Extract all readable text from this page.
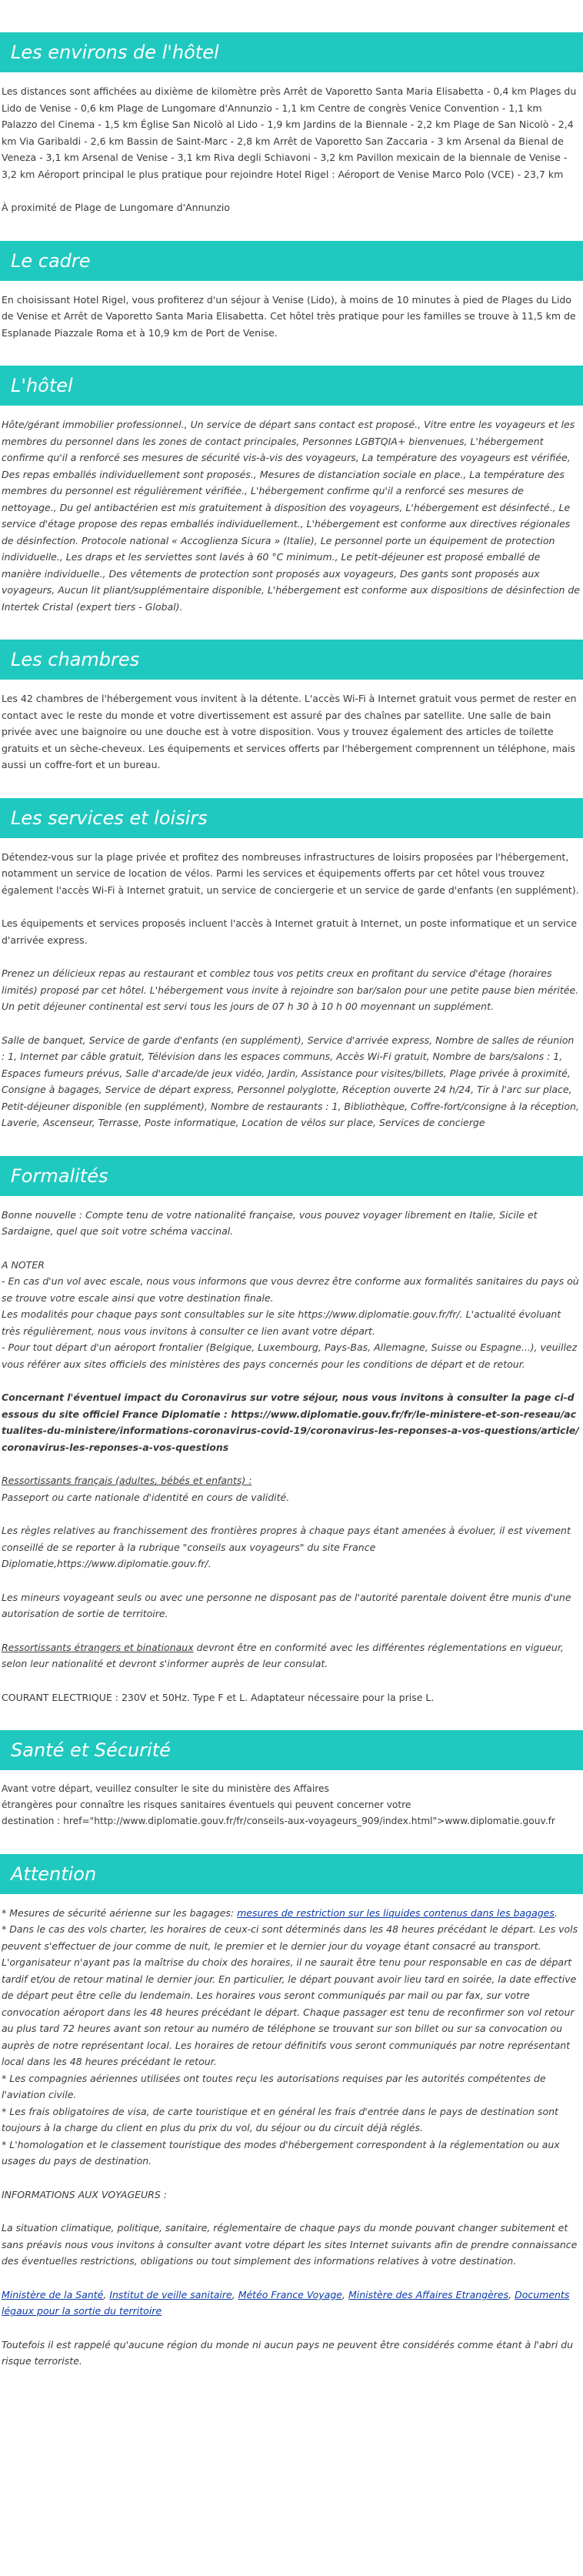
Les environs de l'hôtel

Les distances sont affichées au dixième de kilomètre près Arrêt de Vaporetto Santa Maria Elisabetta - 0,4 km Plages du Lido de Venise - 0,6 km Plage de Lungomare d'Annunzio - 1,1 km Centre de congrès Venice Convention - 1,1 km Palazzo del Cinema - 1,5 km Église San Nicolò al Lido - 1,9 km Jardins de la Biennale - 2,2 km Plage de San Nicolò - 2,4 km Via Garibaldi - 2,6 km Bassin de Saint-Marc - 2,8 km Arrêt de Vaporetto San Zaccaria - 3 km Arsenal da Bienal de Veneza - 3,1 km Arsenal de Venise - 3,1 km Riva degli Schiavoni - 3,2 km Pavillon mexicain de la biennale de Venise - 3,2 km Aéroport principal le plus pratique pour rejoindre Hotel Rigel : Aéroport de Venise Marco Polo (VCE) - 23,7 km

À proximité de Plage de Lungomare d'Annunzio

Le cadre

En choisissant Hotel Rigel, vous profiterez d'un séjour à Venise (Lido), à moins de 10 minutes à pied de Plages du Lido de Venise et Arrêt de Vaporetto Santa Maria Elisabetta. Cet hôtel très pratique pour les familles se trouve à 11,5 km de Esplanade Piazzale Roma et à 10,9 km de Port de Venise.

L'hôtel

Hôte/gérant immobilier professionnel., Un service de départ sans contact est proposé., Vitre entre les voyageurs et les membres du personnel dans les zones de contact principales, Personnes LGBTQIA+ bienvenues, L'hébergement confirme qu'il a renforcé ses mesures de sécurité vis-à-vis des voyageurs, La température des voyageurs est vérifiée, Des repas emballés individuellement sont proposés., Mesures de distanciation sociale en place., La température des membres du personnel est régulièrement vérifiée., L'hébergement confirme qu'il a renforcé ses mesures de nettoyage., Du gel antibactérien est mis gratuitement à disposition des voyageurs, L'hébergement est désinfecté., Le service d'étage propose des repas emballés individuellement., L'hébergement est conforme aux directives régionales de désinfection. Protocole national « Accoglienza Sicura » (Italie), Le personnel porte un équipement de protection individuelle., Les draps et les serviettes sont lavés à 60 °C minimum., Le petit-déjeuner est proposé emballé de manière individuelle., Des vêtements de protection sont proposés aux voyageurs, Des gants sont proposés aux voyageurs, Aucun lit pliant/supplémentaire disponible, L'hébergement est conforme aux dispositions de désinfection de Intertek Cristal (expert tiers - Global).

Les chambres

Les 42 chambres de l'hébergement vous invitent à la détente. L'accès Wi-Fi à Internet gratuit vous permet de rester en contact avec le reste du monde et votre divertissement est assuré par des chaînes par satellite. Une salle de bain privée avec une baignoire ou une douche est à votre disposition. Vous y trouvez également des articles de toilette gratuits et un sèche-cheveux. Les équipements et services offerts par l'hébergement comprennent un téléphone, mais aussi un coffre-fort et un bureau.

Les services et loisirs

Détendez-vous sur la plage privée et profitez des nombreuses infrastructures de loisirs proposées par l'hébergement, notamment un service de location de vélos. Parmi les services et équipements offerts par cet hôtel vous trouvez également l'accès Wi-Fi à Internet gratuit, un service de conciergerie et un service de garde d'enfants (en supplément).

Les équipements et services proposés incluent l'accès à Internet gratuit à Internet, un poste informatique et un service d'arrivée express.

Prenez un délicieux repas au restaurant et comblez tous vos petits creux en profitant du service d'étage (horaires limités) proposé par cet hôtel. L'hébergement vous invite à rejoindre son bar/salon pour une petite pause bien méritée. Un petit déjeuner continental est servi tous les jours de 07 h 30 à 10 h 00 moyennant un supplément.

Salle de banquet, Service de garde d'enfants (en supplément), Service d'arrivée express, Nombre de salles de réunion : 1, Internet par câble gratuit, Télévision dans les espaces communs, Accès Wi-Fi gratuit, Nombre de bars/salons : 1, Espaces fumeurs prévus, Salle d'arcade/de jeux vidéo, Jardin, Assistance pour visites/billets, Plage privée à proximité, Consigne à bagages, Service de départ express, Personnel polyglotte, Réception ouverte 24 h/24, Tir à l'arc sur place, Petit-déjeuner disponible (en supplément), Nombre de restaurants : 1, Bibliothèque, Coffre-fort/consigne à la réception, Laverie, Ascenseur, Terrasse, Poste informatique, Location de vélos sur place, Services de concierge

Formalités

Bonne nouvelle : Compte tenu de votre nationalité française, vous pouvez voyager librement en Italie, Sicile et Sardaigne, quel que soit votre schéma vaccinal.

A NOTER
- En cas d'un vol avec escale, nous vous informons que vous devrez être conforme aux formalités sanitaires du pays où se trouve votre escale ainsi que votre destination finale.
Les modalités pour chaque pays sont consultables sur le site https://www.diplomatie.gouv.fr/fr/. L'actualité évoluant très régulièrement, nous vous invitons à consulter ce lien avant votre départ.
- Pour tout départ d'un aéroport frontalier (Belgique, Luxembourg, Pays-Bas, Allemagne, Suisse ou Espagne...), veuillez vous référer aux sites officiels des ministères des pays concernés pour les conditions de départ et de retour.

Concernant l'éventuel impact du Coronavirus sur votre séjour, nous vous invitons à consulter la page ci-dessous du site officiel France Diplomatie : https://www.diplomatie.gouv.fr/fr/le-ministere-et-son-reseau/actualites-du-ministere/informations-coronavirus-covid-19/coronavirus-les-reponses-a-vos-questions/article/coronavirus-les-reponses-a-vos-questions

Ressortissants français (adultes, bébés et enfants) :
Passeport ou carte nationale d'identité en cours de validité.

Les règles relatives au franchissement des frontières propres à chaque pays étant amenées à évoluer, il est vivement conseillé de se reporter à la rubrique "conseils aux voyageurs" du site France Diplomatie,https://www.diplomatie.gouv.fr/.

Les mineurs voyageant seuls ou avec une personne ne disposant pas de l'autorité parentale doivent être munis d'une autorisation de sortie de territoire.

Ressortissants étrangers et binationaux devront être en conformité avec les différentes réglementations en vigueur, selon leur nationalité et devront s'informer auprès de leur consulat.

COURANT ELECTRIQUE : 230V et 50Hz. Type F et L. Adaptateur nécessaire pour la prise L.

Santé et Sécurité
Avant votre départ, veuillez consulter le site du ministère des Affaires
étrangères pour connaître les risques sanitaires éventuels qui peuvent concerner votre
destination : href="http://www.diplomatie.gouv.fr/fr/conseils-aux-voyageurs_909/index.html">www.diplomatie.gouv.fr
Attention
* Mesures de sécurité aérienne sur les bagages: mesures de restriction sur les liquides contenus dans les bagages.
* Dans le cas des vols charter, les horaires de ceux-ci sont déterminés dans les 48 heures précédant le départ. Les vols peuvent s'effectuer de jour comme de nuit, le premier et le dernier jour du voyage étant consacré au transport. L'organisateur n'ayant pas la maîtrise du choix des horaires, il ne saurait être tenu pour responsable en cas de départ tardif et/ou de retour matinal le dernier jour. En particulier, le départ pouvant avoir lieu tard en soirée, la date effective de départ peut être celle du lendemain. Les horaires vous seront communiqués par mail ou par fax, sur votre convocation aéroport dans les 48 heures précédant le départ. Chaque passager est tenu de reconfirmer son vol retour au plus tard 72 heures avant son retour au numéro de téléphone se trouvant sur son billet ou sur sa convocation ou auprès de notre représentant local. Les horaires de retour définitifs vous seront communiqués par notre représentant local dans les 48 heures précédant le retour.
* Les compagnies aériennes utilisées ont toutes reçu les autorisations requises par les autorités compétentes de l'aviation civile.
* Les frais obligatoires de visa, de carte touristique et en général les frais d'entrée dans le pays de destination sont toujours à la charge du client en plus du prix du vol, du séjour ou du circuit déjà réglés.
* L'homologation et le classement touristique des modes d'hébergement correspondent à la réglementation ou aux usages du pays de destination.

INFORMATIONS AUX VOYAGEURS :

La situation climatique, politique, sanitaire, réglementaire de chaque pays du monde pouvant changer subitement et sans préavis nous vous invitons à consulter avant votre départ les sites Internet suivants afin de prendre connaissance des éventuelles restrictions, obligations ou tout simplement des informations relatives à votre destination.

Ministère de la Santé, Institut de veille sanitaire, Météo France Voyage, Ministère des Affaires Etrangères, Documents légaux pour la sortie du territoire

Toutefois il est rappelé qu'aucune région du monde ni aucun pays ne peuvent être considérés comme étant à l'abri du risque terroriste.
